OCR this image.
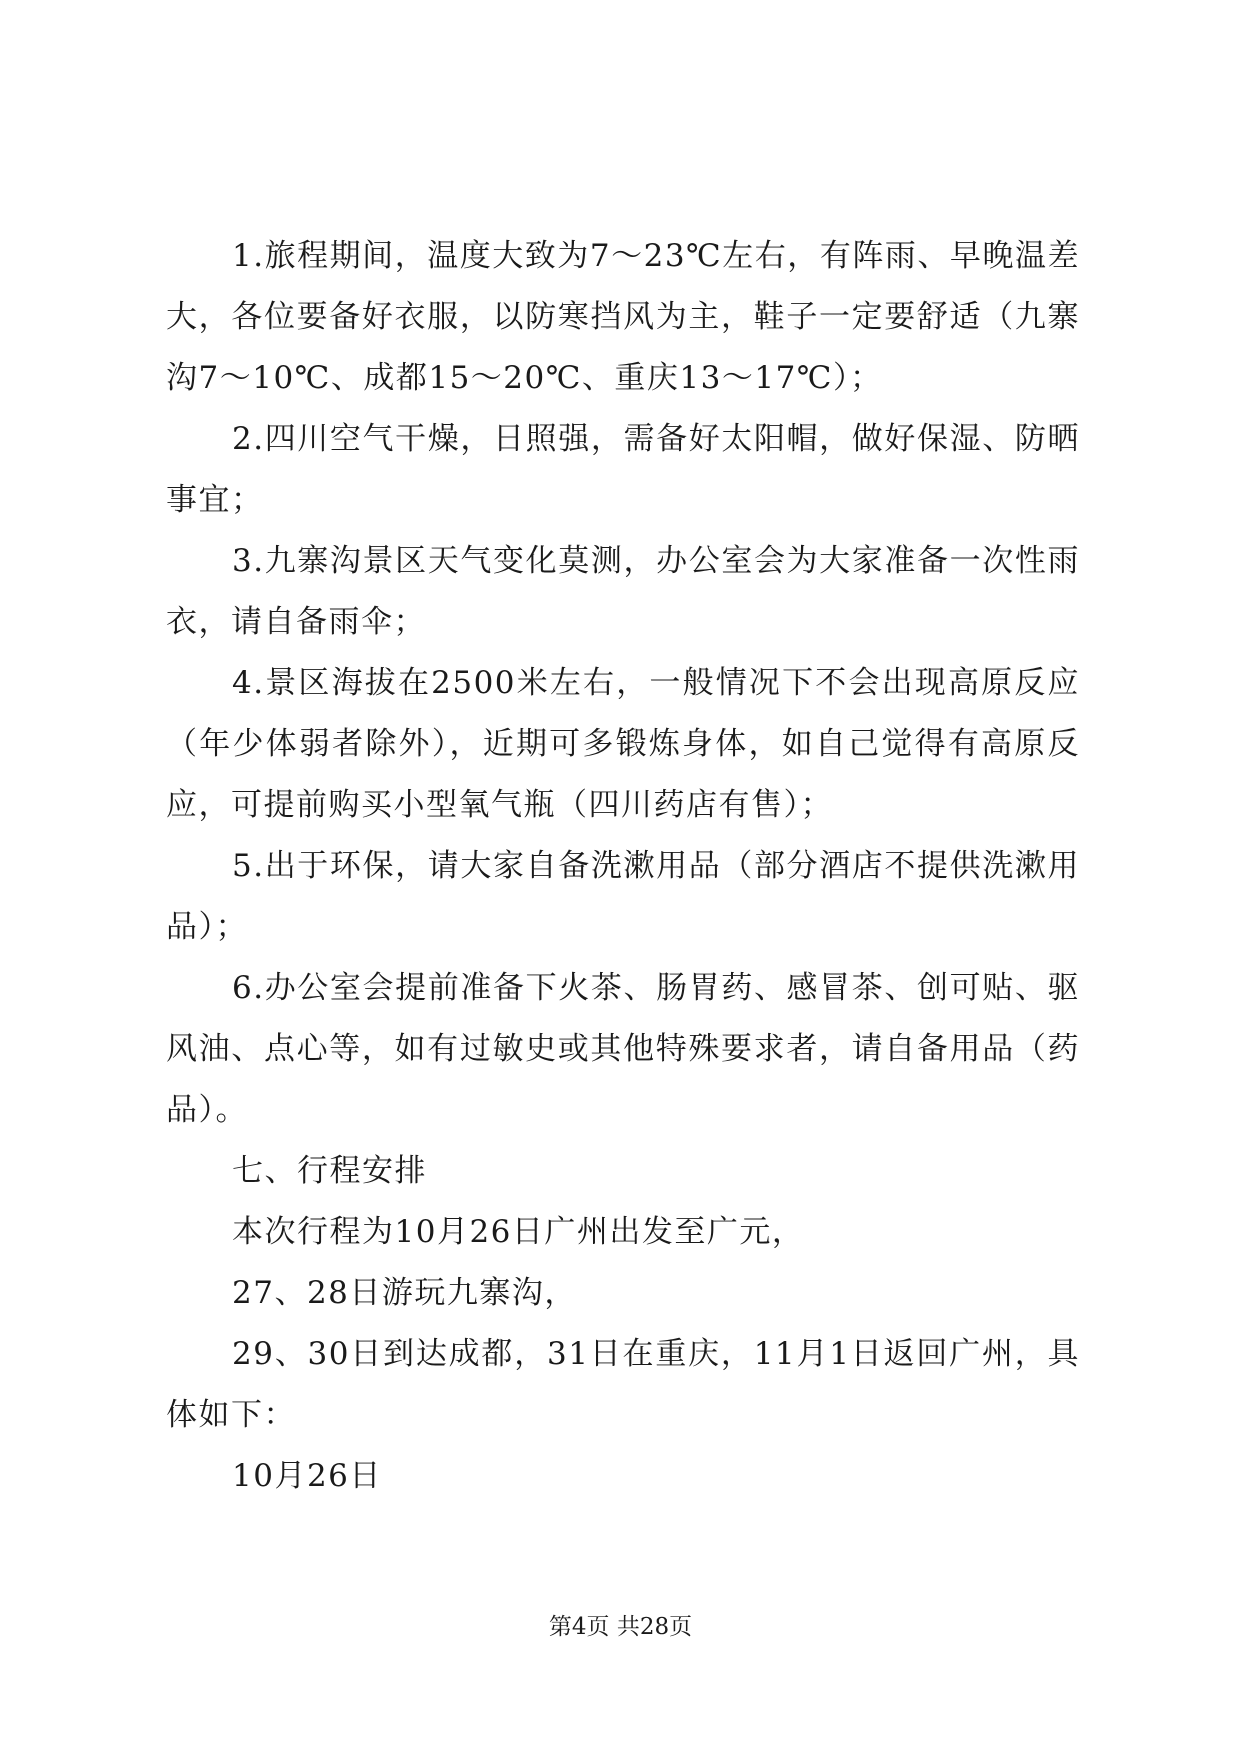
1.旅程期间，温度大致为7～23℃左右，有阵雨、早晚温差大，各位要备好衣服，以防寒挡风为主，鞋子一定要舒适（九寨沟7～10℃、成都15～20℃、重庆13～17℃）；

2.四川空气干燥，日照强，需备好太阳帽，做好保湿、防晒事宜；

3.九寨沟景区天气变化莫测，办公室会为大家准备一次性雨衣，请自备雨伞；

4.景区海拔在2500米左右，一般情况下不会出现高原反应（年少体弱者除外），近期可多锻炼身体，如自己觉得有高原反应，可提前购买小型氧气瓶（四川药店有售）；

5.出于环保，请大家自备洗漱用品（部分酒店不提供洗漱用品）；

6.办公室会提前准备下火茶、肠胃药、感冒茶、创可贴、驱风油、点心等，如有过敏史或其他特殊要求者，请自备用品（药品）。

七、行程安排

本次行程为10月26日广州出发至广元，

27、28日游玩九寨沟，

29、30日到达成都，31日在重庆，11月1日返回广州，具体如下：

10月26日

第4页 共28页
